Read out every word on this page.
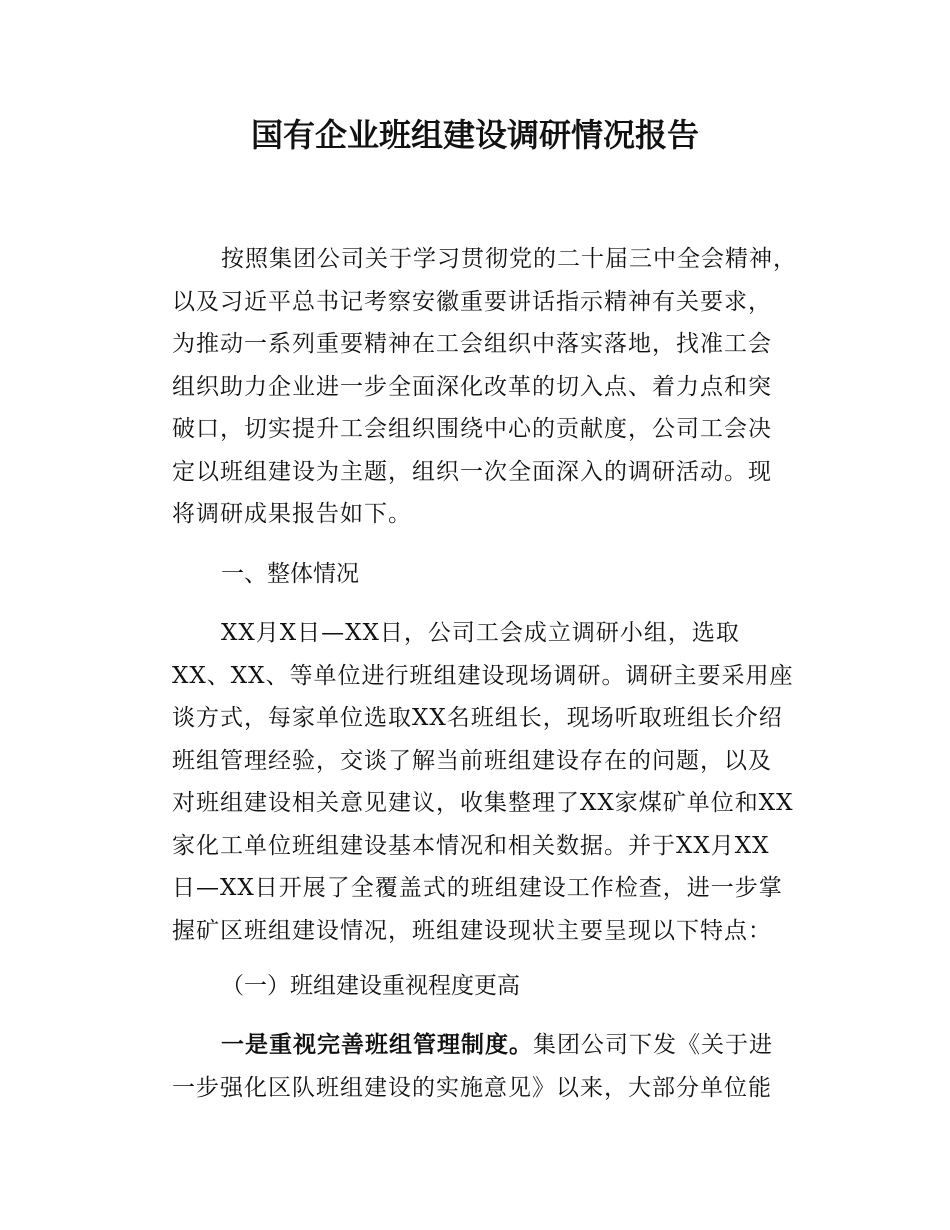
国有企业班组建设调研情况报告
按照集团公司关于学习贯彻党的二十届三中全会精神，
以及习近平总书记考察安徽重要讲话指示精神有关要求，
为推动一系列重要精神在工会组织中落实落地，找准工会
组织助力企业进一步全面深化改革的切入点、着力点和突
破口，切实提升工会组织围绕中心的贡献度，公司工会决
定以班组建设为主题，组织一次全面深入的调研活动。现
将调研成果报告如下。
一、整体情况
XX月X日—XX日，公司工会成立调研小组，选取
XX、XX、等单位进行班组建设现场调研。调研主要采用座
谈方式，每家单位选取XX名班组长，现场听取班组长介绍
班组管理经验，交谈了解当前班组建设存在的问题，以及
对班组建设相关意见建议，收集整理了XX家煤矿单位和XX
家化工单位班组建设基本情况和相关数据。并于XX月XX
日—XX日开展了全覆盖式的班组建设工作检查，进一步掌
握矿区班组建设情况，班组建设现状主要呈现以下特点：
（一）班组建设重视程度更高
一是重视完善班组管理制度。集团公司下发《关于进
一步强化区队班组建设的实施意见》以来，大部分单位能
